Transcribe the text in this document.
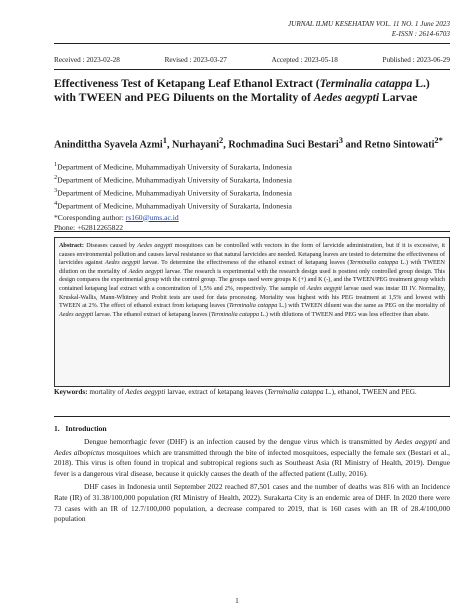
JURNAL ILMU KESEHATAN VOL. 11 NO. 1 June 2023
E-ISSN : 2614-6703
Received : 2023-02-28	Revised : 2023-03-27	Accepted : 2023-05-18	Published : 2023-06-29
Effectiveness Test of Ketapang Leaf Ethanol Extract (Terminalia catappa L.) with TWEEN and PEG Diluents on the Mortality of Aedes aegypti Larvae
Anindittha Syavela Azmi$^1$, Nurhayani$^2$, Rochmadina Suci Bestari$^3$ and Retno Sintowati$^{2*}$
$^1$Department of Medicine, Muhammadiyah University of Surakarta, Indonesia
$^2$Department of Medicine, Muhammadiyah University of Surakarta, Indonesia
$^3$Department of Medicine, Muhammadiyah University of Surakarta, Indonesia
$^4$Department of Medicine, Muhammadiyah University of Surakarta, Indonesia
*Coresponding author: rs160@ums.ac.id
Phone: +62812265822
Abstract: Diseases caused by Aedes aegypti mosquitoes can be controlled with vectors in the form of larvicide administration, but if it is excessive, it causes environmental pollution and causes larval resistance so that natural larvicides are needed. Ketapang leaves are tested to determine the effectiveness of larvicides against Aedes aegypti larvae. To determine the effectiveness of the ethanol extract of ketapang leaves (Terminalia catappa L.) with TWEEN dilution on the mortality of Aedes aegypti larvae. The research is experimental with the research design used is posttest only controlled group design. This design compares the experimental group with the control group. The groups used were groups K (+) and K (-), and the TWEEN/PEG treatment group which contained ketapang leaf extract with a concentration of 1,5% and 2%, respectively. The sample of Aedes aegypti larvae used was instar III IV. Normality, Kruskal-Wallis, Mann-Whitney and Probit tests are used for data processing. Mortality was highest with his PEG treatment at 1,5% and lowest with TWEEN at 2%. The effect of ethanol extract from ketapang leaves (Terminalia catappa L.) with TWEEN diluent was the same as PEG on the mortality of Aedes aegypti larvae. The ethanol extract of ketapang leaves (Terminalia catappa L.) with dilutions of TWEEN and PEG was less effective than abate.
Keywords: mortality of Aedes aegypti larvae, extract of ketapang leaves (Terminalia catappa L.), ethanol, TWEEN and PEG.
1.   Introduction

Dengue hemorrhagic fever (DHF) is an infection caused by the dengue virus which is transmitted by Aedes aegypti and Aedes albopictus mosquitoes which are transmitted through the bite of infected mosquitoes, especially the female sex (Bestari et al., 2018). This virus is often found in tropical and subtropical regions such as Southeast Asia (RI Ministry of Health, 2019). Dengue fever is a dangerous viral disease, because it quickly causes the death of the affected patient (Lully, 2016).

DHF cases in Indonesia until September 2022 reached 87,501 cases and the number of deaths was 816 with an Incidence Rate (IR) of 31.38/100,000 population (RI Ministry of Health, 2022). Surakarta City is an endemic area of DHF. In 2020 there were 73 cases with an IR of 12.7/100,000 population, a decrease compared to 2019, that is 160 cases with an IR of 28.4/100,000 population

1
